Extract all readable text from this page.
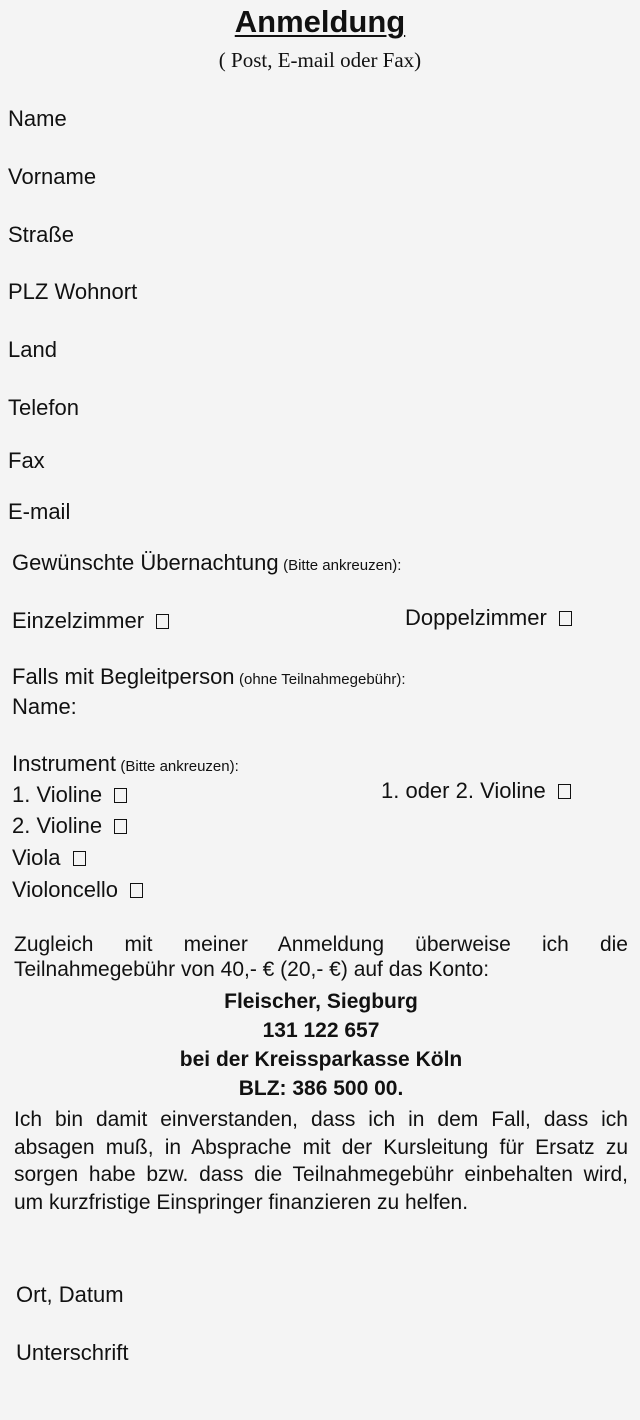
Anmeldung
( Post, E-mail oder Fax)
Name
Vorname
Straße
PLZ Wohnort
Land
Telefon
Fax
E-mail
Gewünschte Übernachtung (Bitte ankreuzen):
Einzelzimmer	Doppelzimmer
Falls mit Begleitperson (ohne Teilnahmegebühr):
Name:
Instrument (Bitte ankreuzen):
1. Violine
2. Violine
Viola
Violoncello
1. oder 2. Violine
Zugleich mit meiner Anmeldung überweise ich die
Teilnahmegebühr von 40,- € (20,- €) auf das Konto:
Fleischer, Siegburg
131 122 657
bei der Kreissparkasse Köln
BLZ: 386 500 00.
Ich bin damit einverstanden, dass ich in dem Fall, dass ich absagen muß, in Absprache mit der Kursleitung für Ersatz zu sorgen habe bzw. dass die Teilnahmegebühr einbehalten wird, um kurzfristige Einspringer finanzieren zu helfen.
Ort, Datum
Unterschrift
